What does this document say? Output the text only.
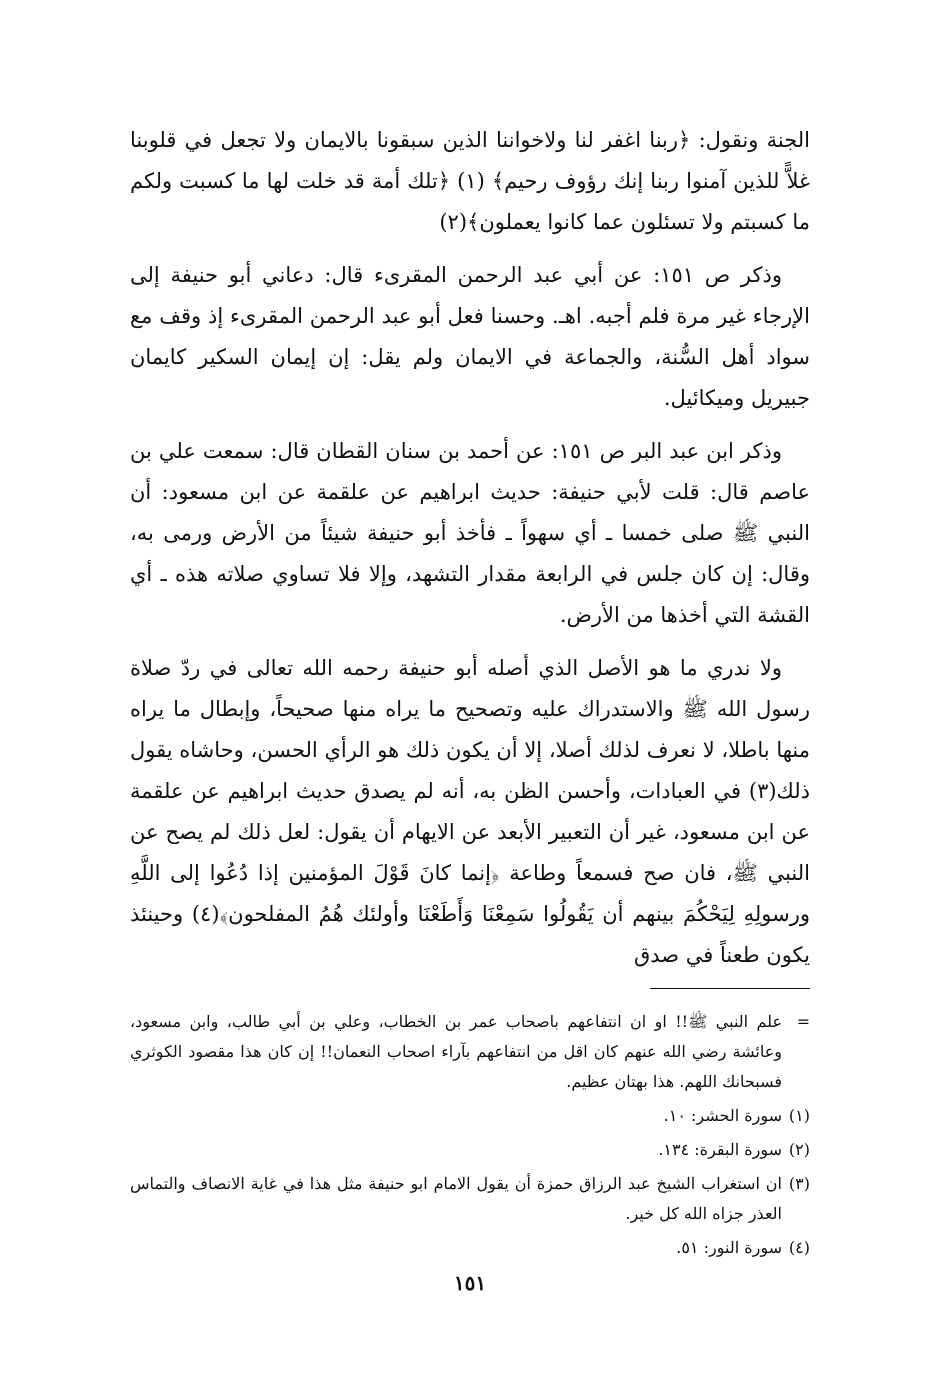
الجنة ونقول: ﴿ربنا اغفر لنا ولاخواننا الذين سبقونا بالايمان ولا تجعل في قلوبنا غلاًّ للذين آمنوا ربنا إنك رؤوف رحيم﴾ (١) ﴿تلك أمة قد خلت لها ما كسبت ولكم ما كسبتم ولا تسئلون عما كانوا يعملون﴾(٢)

وذكر ص ١٥١: عن أبي عبد الرحمن المقرىء قال: دعاني أبو حنيفة إلى الإرجاء غير مرة فلم أجبه. اهـ. وحسنا فعل أبو عبد الرحمن المقرىء إذ وقف مع سواد أهل السُّنة، والجماعة في الايمان ولم يقل: إن إيمان السكير كايمان جبيريل وميكائيل.

وذكر ابن عبد البر ص ١٥١: عن أحمد بن سنان القطان قال: سمعت علي بن عاصم قال: قلت لأبي حنيفة: حديث ابراهيم عن علقمة عن ابن مسعود: أن النبي ﷺ صلى خمسا ـ أي سهواً ـ فأخذ أبو حنيفة شيئاً من الأرض ورمى به، وقال: إن كان جلس في الرابعة مقدار التشهد، وإلا فلا تساوي صلاته هذه ـ أي القشة التي أخذها من الأرض.

ولا ندري ما هو الأصل الذي أصله أبو حنيفة رحمه الله تعالى في ردّ صلاة رسول الله ﷺ والاستدراك عليه وتصحيح ما يراه منها صحيحاً، وإبطال ما يراه منها باطلا، لا نعرف لذلك أصلا، إلا أن يكون ذلك هو الرأي الحسن، وحاشاه يقول ذلك(٣) في العبادات، وأحسن الظن به، أنه لم يصدق حديث ابراهيم عن علقمة عن ابن مسعود، غير أن التعبير الأبعد عن الايهام أن يقول: لعل ذلك لم يصح عن النبي ﷺ، فان صح فسمعاً وطاعة ﴿إنما كانَ قَوْلَ المؤمنين إذا دُعُوا إلى اللَّهِ ورسولِهِ لِيَحْكُمَ بينهم أن يَقُولُوا سَمِعْنَا وَأَطَعْنَا وأولئك هُمُ المفلحون﴾(٤) وحينئذ يكون طعناً في صدق

=
علم النبي ﷺ!! او ان انتفاعهم باصحاب عمر بن الخطاب، وعلي بن أبي طالب، وابن مسعود، وعائشة رضي الله عنهم كان اقل من انتفاعهم بآراء اصحاب النعمان!! إن كان هذا مقصود الكوثري فسبحانك اللهم. هذا بهتان عظيم.
(١)
سورة الحشر: ١٠.
(٢)
سورة البقرة: ١٣٤.
(٣)
ان استغراب الشيخ عبد الرزاق حمزة أن يقول الامام ابو حنيفة مثل هذا في غاية الانصاف والتماس العذر جزاه الله كل خير.
(٤)
سورة النور: ٥١.
١٥١
